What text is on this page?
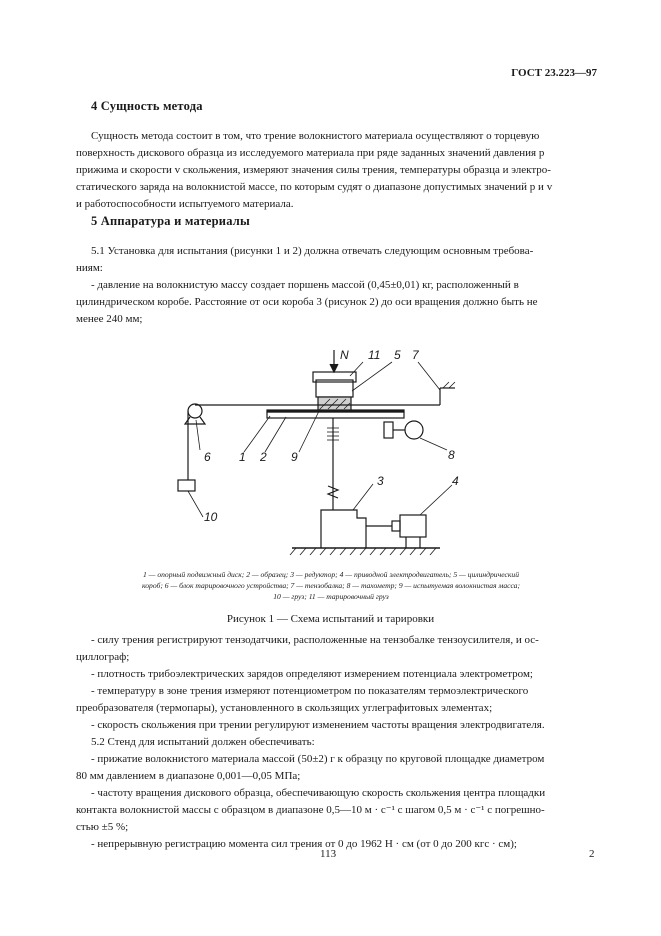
ГОСТ 23.223—97
4 Сущность метода
Сущность метода состоит в том, что трение волокнистого материала осуществляют о торцевую
поверхность дискового образца из исследуемого материала при ряде заданных значений давления p
прижима и скорости v скольжения, измеряют значения силы трения, температуры образца и электро-
статического заряда на волокнистой массе, по которым судят о диапазоне допустимых значений p и v
и работоспособности испытуемого материала.
5 Аппаратура и материалы
5.1 Установка для испытания (рисунки 1 и 2) должна отвечать следующим основным требова-
ниям:
- давление на волокнистую массу создает поршень массой (0,45±0,01) кг, расположенный в
цилиндрическом коробе. Расстояние от оси короба 3 (рисунок 2) до оси вращения должно быть не
менее 240 мм;
N 11 5 7
6 1 2 9	8
3	4
10
1 — опорный подвижный диск; 2 — образец; 3 — редуктор; 4 — приводной электродвигатель; 5 — цилиндрический
короб; 6 — блок тарировочного устройства; 7 — тензобалка; 8 — тахометр; 9 — испытуемая волокнистая масса;
10 — груз; 11 — тарировочный груз
Рисунок 1 — Схема испытаний и тарировки
- силу трения регистрируют тензодатчики, расположенные на тензобалке тензоусилителя, и ос-
циллограф;
- плотность трибоэлектрических зарядов определяют измерением потенциала электрометром;
- температуру в зоне трения измеряют потенциометром по показателям термоэлектрического
преобразователя (термопары), установленного в скользящих углеграфитовых элементах;
- скорость скольжения при трении регулируют изменением частоты вращения электродвигателя.
5.2 Стенд для испытаний должен обеспечивать:
- прижатие волокнистого материала массой (50±2) г к образцу по круговой площадке диаметром
80 мм давлением в диапазоне 0,001—0,05 МПа;
- частоту вращения дискового образца, обеспечивающую скорость скольжения центра площадки
контакта волокнистой массы с образцом в диапазоне 0,5—10 м · с⁻¹ с шагом 0,5 м · с⁻¹ с погрешно-
стью ±5 %;
- непрерывную регистрацию момента сил трения от 0 до 1962 Н · см (от 0 до 200 кгс · см);
113	2
